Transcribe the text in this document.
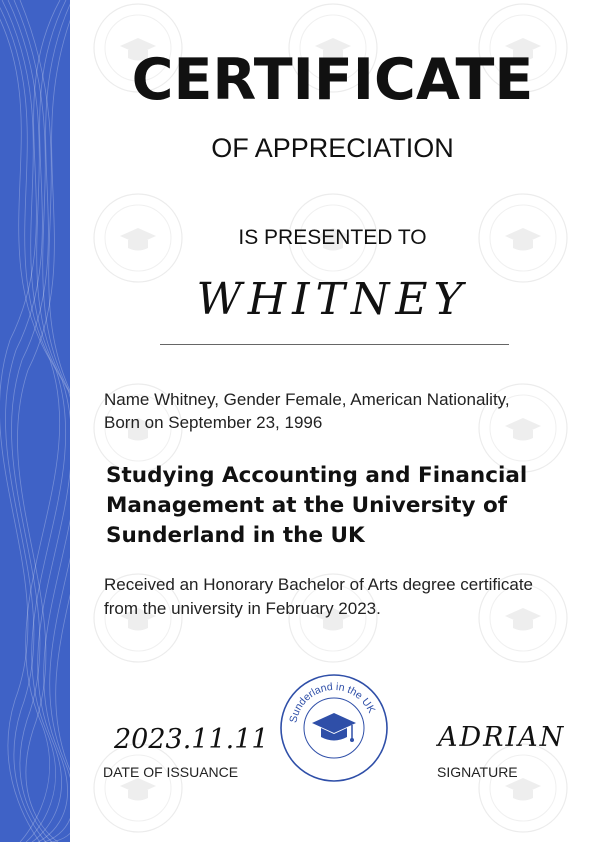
CERTIFICATE
OF APPRECIATION
IS PRESENTED TO
WHITNEY
Name Whitney, Gender Female, American Nationality,
Born on September 23, 1996
Studying Accounting and Financial
Management at the University of
Sunderland in the UK
Received an Honorary Bachelor of Arts degree certificate
from the university in February 2023.
2023.11.11
DATE OF ISSUANCE
Sunderland in the UK
ADRIAN
SIGNATURE
